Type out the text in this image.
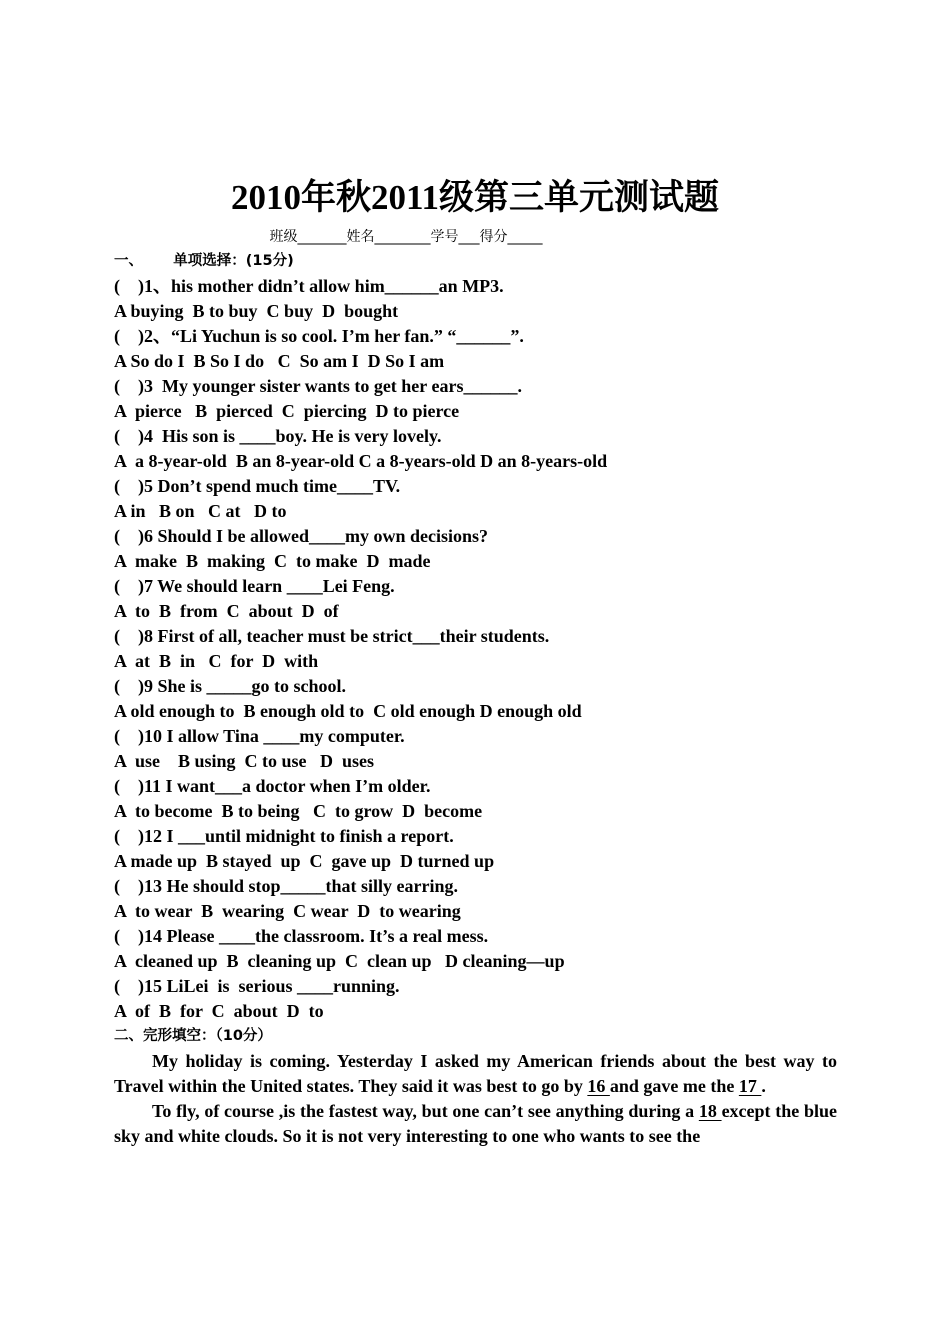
2010年秋2011级第三单元测试题
班级_______姓名________学号___得分_____
一、      单项选择：(15分)
(    )1、his mother didn’t allow him______an MP3.
A buying  B to buy  C buy  D  bought
(    )2、“Li Yuchun is so cool. I’m her fan.” “______”.
A So do I  B So I do   C  So am I  D So I am
(    )3  My younger sister wants to get her ears______.
A  pierce   B  pierced  C  piercing  D to pierce
(    )4  His son is ____boy. He is very lovely.
A  a 8-year-old  B an 8-year-old C a 8-years-old D an 8-years-old
(    )5 Don’t spend much time____TV.
A in   B on   C at   D to
(    )6 Should I be allowed____my own decisions?
A  make  B  making  C  to make  D  made
(    )7 We should learn ____Lei Feng.
A  to  B  from  C  about  D  of
(    )8 First of all, teacher must be strict___their students.
A  at  B  in   C  for  D  with
(    )9 She is _____go to school.
A old enough to  B enough old to  C old enough D enough old
(    )10 I allow Tina ____my computer.
A  use    B using  C to use   D  uses
(    )11 I want___a doctor when I’m older.
A  to become  B to being   C  to grow  D  become
(    )12 I ___until midnight to finish a report.
A made up  B stayed  up  C  gave up  D turned up
(    )13 He should stop_____that silly earring.
A  to wear  B  wearing  C wear  D  to wearing
(    )14 Please ____the classroom. It’s a real mess.
A  cleaned up  B  cleaning up  C  clean up   D cleaning—up
(    )15 LiLei  is  serious ____running.
A  of  B  for  C  about  D  to
二、完形填空：（10分）
My holiday is coming. Yesterday I asked my American friends about the best way to Travel within the United states. They said it was best to go by 16 and gave me the 17 .
To fly, of course ,is the fastest way, but one can’t see anything during a 18 except the blue sky and white clouds. So it is not very interesting to one who wants to see the
